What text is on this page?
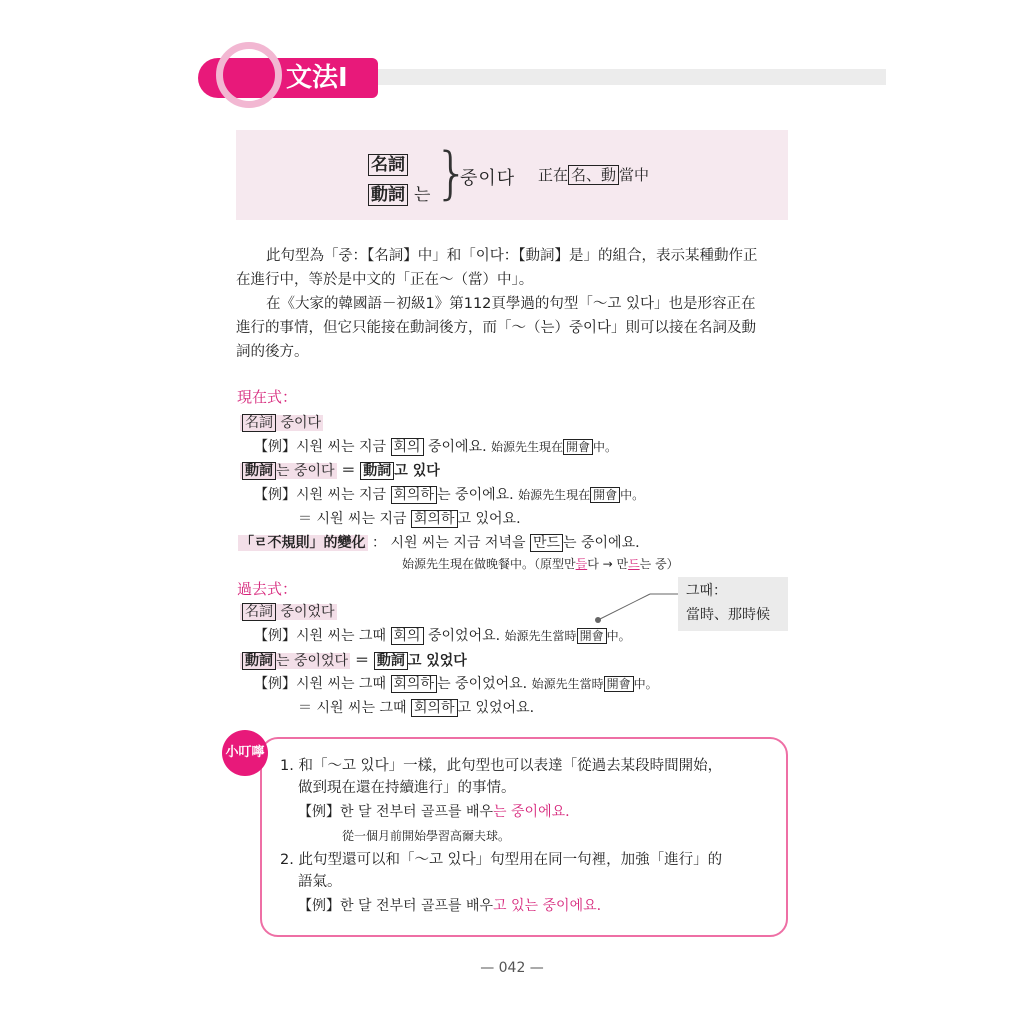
文法Ⅰ
名詞
動詞 는 }
중이다 正在 名、動 當中
此句型為「중：【名詞】中」和「이다：【動詞】是」的組合，表示某種動作正
在進行中，等於是中文的「正在～（當）中」。
在《大家的韓國語－初級1》第112頁學過的句型「～고 있다」也是形容正在
進行的事情，但它只能接在動詞後方，而「～（는）중이다」則可以接在名詞及動
詞的後方。
現在式：
名詞 중이다
【例】시원 씨는 지금 회의 중이에요. 始源先生現在 開會 中。
動詞 는 중이다 ＝ 動詞 고 있다
【例】시원 씨는 지금 회의하 는 중이에요. 始源先生現在 開會 中。
＝ 시원 씨는 지금 회의하 고 있어요.
「ㄹ不規則」的變化 ： 시원 씨는 지금 저녁을 만드 는 중이에요.
始源先生現在做晚餐中。（原型만들다 → 만드는 중）
過去式：
名詞 중이었다
【例】시원 씨는 그때 회의 중이었어요. 始源先生當時 開會 中。
動詞 는 중이었다 ＝ 動詞 고 있었다
【例】시원 씨는 그때 회의하 는 중이었어요. 始源先生當時 開會 中。
＝ 시원 씨는 그때 회의하 고 있었어요.
그때：
當時、那時候
小叮嚀
1. 和「～고 있다」一樣，此句型也可以表達「從過去某段時間開始，
做到現在還在持續進行」的事情。
【例】한 달 전부터 골프를 배우는 중이에요.
從一個月前開始學習高爾夫球。
2. 此句型還可以和「～고 있다」句型用在同一句裡，加強「進行」的
語氣。
【例】한 달 전부터 골프를 배우고 있는 중이에요.
— 042 —
